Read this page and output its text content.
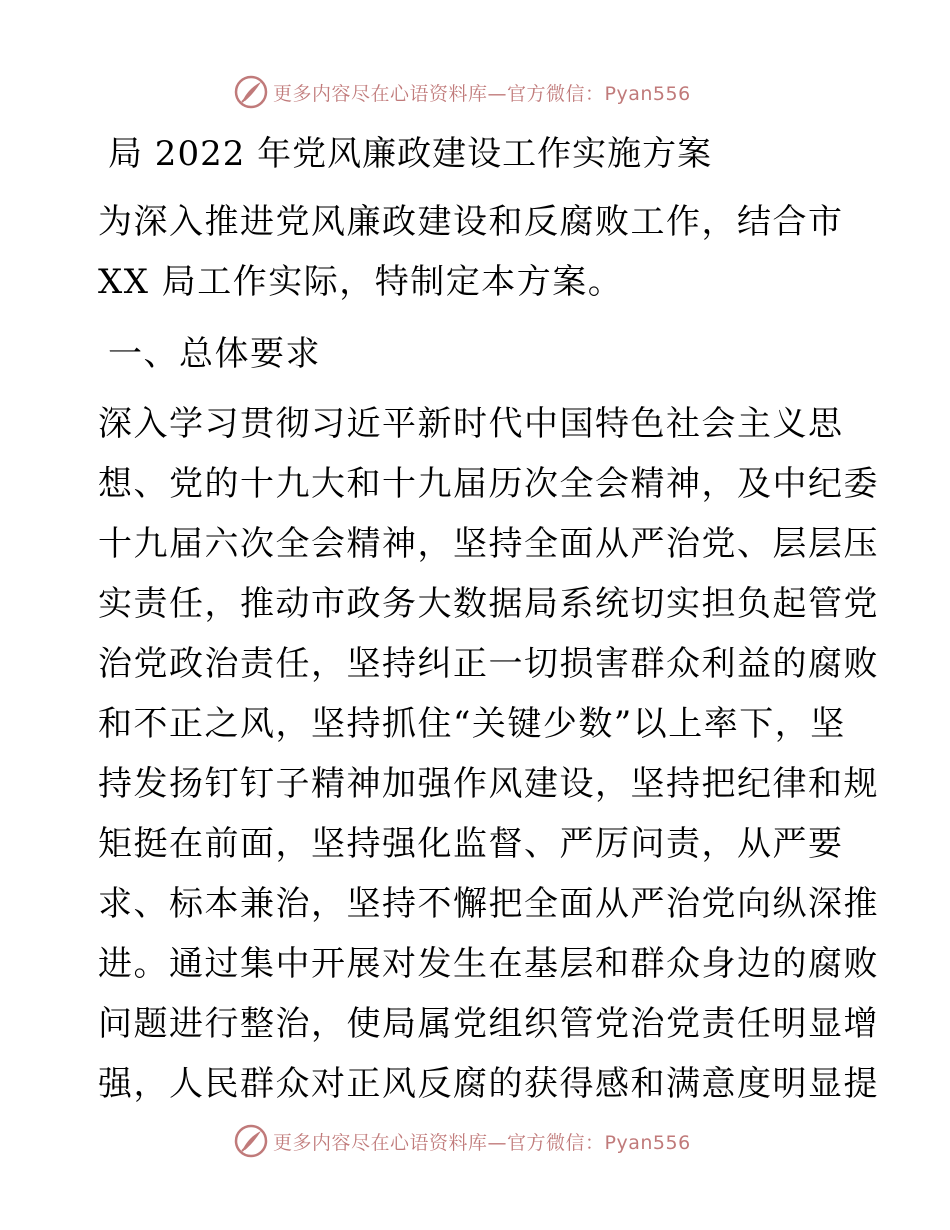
更多内容尽在心语资料库—官方微信：Pyan556
局 2022 年党风廉政建设工作实施方案
为深入推进党风廉政建设和反腐败工作，结合市
XX 局工作实际，特制定本方案。
一、总体要求
深入学习贯彻习近平新时代中国特色社会主义思
想、党的十九大和十九届历次全会精神，及中纪委
十九届六次全会精神，坚持全面从严治党、层层压
实责任，推动市政务大数据局系统切实担负起管党
治党政治责任，坚持纠正一切损害群众利益的腐败
和不正之风，坚持抓住“关键少数”以上率下，坚
持发扬钉钉子精神加强作风建设，坚持把纪律和规
矩挺在前面，坚持强化监督、严厉问责，从严要
求、标本兼治，坚持不懈把全面从严治党向纵深推
进。通过集中开展对发生在基层和群众身边的腐败
问题进行整治，使局属党组织管党治党责任明显增
强，人民群众对正风反腐的获得感和满意度明显提
更多内容尽在心语资料库—官方微信：Pyan556
